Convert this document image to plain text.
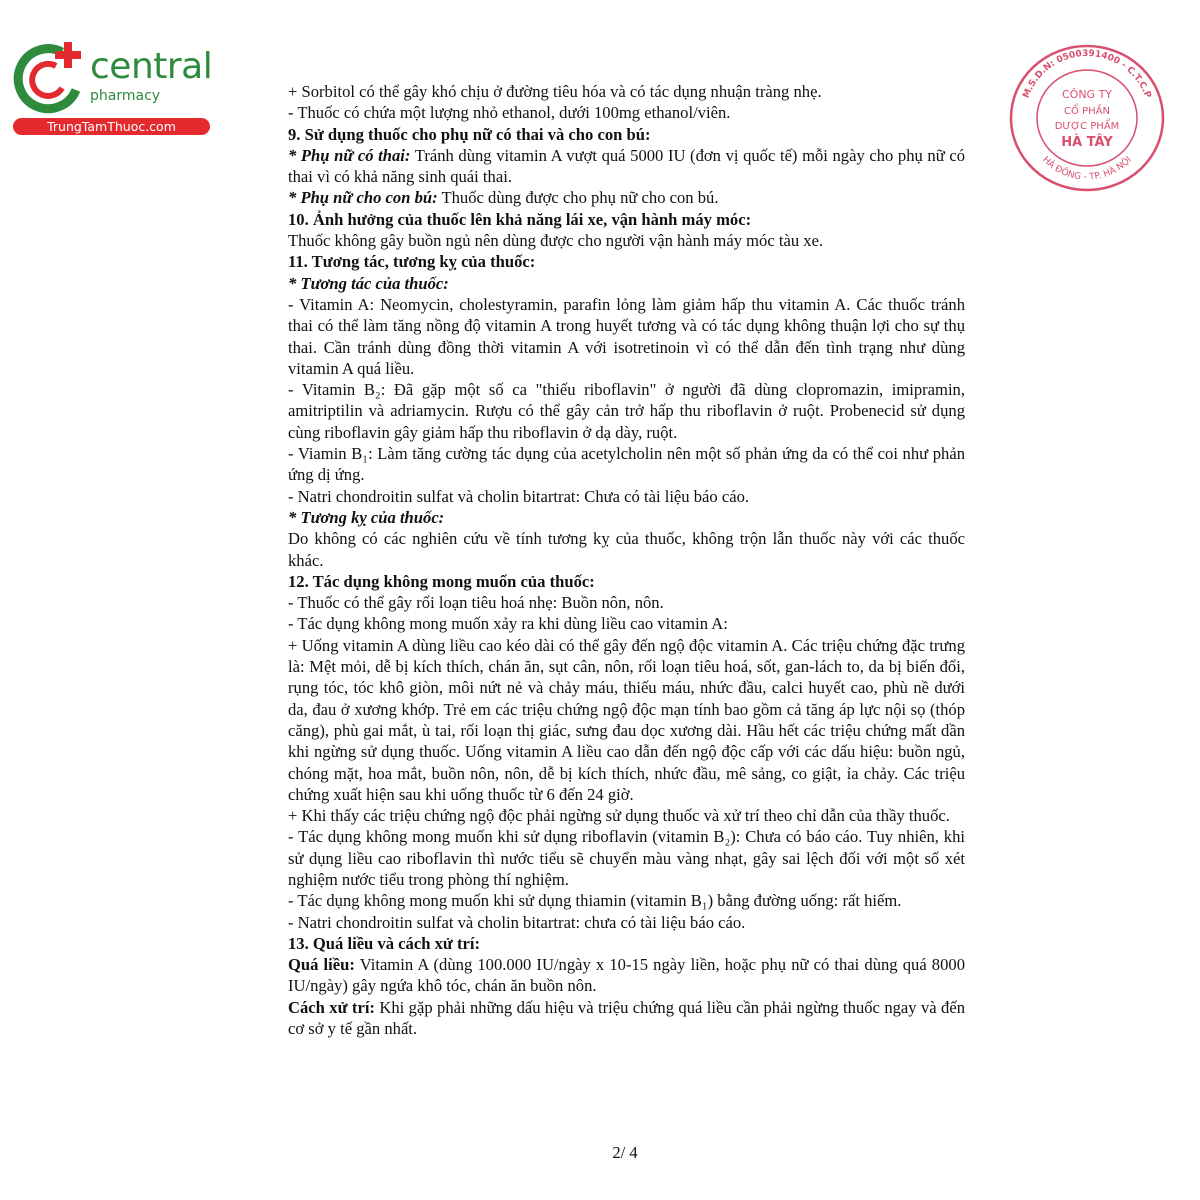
central
pharmacy
TrungTamThuoc.com
M.S.D.N: 0500391400 - C.T.C.P
HÀ ĐÔNG - TP. HÀ NỘI
CÔNG TY
CỔ PHẦN
DƯỢC PHẨM
HÀ TÂY

+ Sorbitol có thể gây khó chịu ở đường tiêu hóa và có tác dụng nhuận tràng nhẹ.

- Thuốc có chứa một lượng nhỏ ethanol, dưới 100mg ethanol/viên.

9. Sử dụng thuốc cho phụ nữ có thai và cho con bú:

* Phụ nữ có thai: Tránh dùng vitamin A vượt quá 5000 IU (đơn vị quốc tế) mỗi ngày cho phụ nữ có thai vì có khả năng sinh quái thai.

* Phụ nữ cho con bú: Thuốc dùng được cho phụ nữ cho con bú.

10. Ảnh hưởng của thuốc lên khả năng lái xe, vận hành máy móc:

Thuốc không gây buồn ngủ nên dùng được cho người vận hành máy móc tàu xe.

11. Tương tác, tương kỵ của thuốc:

* Tương tác của thuốc:

- Vitamin A: Neomycin, cholestyramin, parafin lỏng làm giảm hấp thu vitamin A. Các thuốc tránh thai có thể làm tăng nồng độ vitamin A trong huyết tương và có tác dụng không thuận lợi cho sự thụ thai. Cần tránh dùng đồng thời vitamin A với isotretinoin vì có thể dẫn đến tình trạng như dùng vitamin A quá liều.

- Vitamin B₂: Đã gặp một số ca "thiếu riboflavin" ở người đã dùng clopromazin, imipramin, amitriptilin và adriamycin. Rượu có thể gây cản trở hấp thu riboflavin ở ruột. Probenecid sử dụng cùng riboflavin gây giảm hấp thu riboflavin ở dạ dày, ruột.

- Viamin B₁: Làm tăng cường tác dụng của acetylcholin nên một số phản ứng da có thể coi như phản ứng dị ứng.

- Natri chondroitin sulfat và cholin bitartrat: Chưa có tài liệu báo cáo.

* Tương kỵ của thuốc:

Do không có các nghiên cứu về tính tương kỵ của thuốc, không trộn lẫn thuốc này với các thuốc khác.

12. Tác dụng không mong muốn của thuốc:

- Thuốc có thể gây rối loạn tiêu hoá nhẹ: Buồn nôn, nôn.

- Tác dụng không mong muốn xảy ra khi dùng liều cao vitamin A:

+ Uống vitamin A dùng liều cao kéo dài có thể gây đến ngộ độc vitamin A. Các triệu chứng đặc trưng là: Mệt mỏi, dễ bị kích thích, chán ăn, sụt cân, nôn, rối loạn tiêu hoá, sốt, gan-lách to, da bị biến đổi, rụng tóc, tóc khô giòn, môi nứt nẻ và chảy máu, thiếu máu, nhức đầu, calci huyết cao, phù nề dưới da, đau ở xương khớp. Trẻ em các triệu chứng ngộ độc mạn tính bao gồm cả tăng áp lực nội sọ (thóp căng), phù gai mắt, ù tai, rối loạn thị giác, sưng đau dọc xương dài. Hầu hết các triệu chứng mất dần khi ngừng sử dụng thuốc. Uống vitamin A liều cao dẫn đến ngộ độc cấp với các dấu hiệu: buồn ngủ, chóng mặt, hoa mắt, buồn nôn, nôn, dễ bị kích thích, nhức đầu, mê sảng, co giật, ỉa chảy. Các triệu chứng xuất hiện sau khi uống thuốc từ 6 đến 24 giờ.

+ Khi thấy các triệu chứng ngộ độc phải ngừng sử dụng thuốc và xử trí theo chỉ dẫn của thầy thuốc.

- Tác dụng không mong muốn khi sử dụng riboflavin (vitamin B₂): Chưa có báo cáo. Tuy nhiên, khi sử dụng liều cao riboflavin thì nước tiểu sẽ chuyển màu vàng nhạt, gây sai lệch đối với một số xét nghiệm nước tiểu trong phòng thí nghiệm.

- Tác dụng không mong muốn khi sử dụng thiamin (vitamin B₁) bằng đường uống: rất hiếm.

- Natri chondroitin sulfat và cholin bitartrat: chưa có tài liệu báo cáo.

13. Quá liều và cách xử trí:

Quá liều: Vitamin A (dùng 100.000 IU/ngày x 10-15 ngày liền, hoặc phụ nữ có thai dùng quá 8000 IU/ngày) gây ngứa khô tóc, chán ăn buồn nôn.

Cách xử trí: Khi gặp phải những dấu hiệu và triệu chứng quá liều cần phải ngừng thuốc ngay và đến cơ sở y tế gần nhất.

2/ 4
